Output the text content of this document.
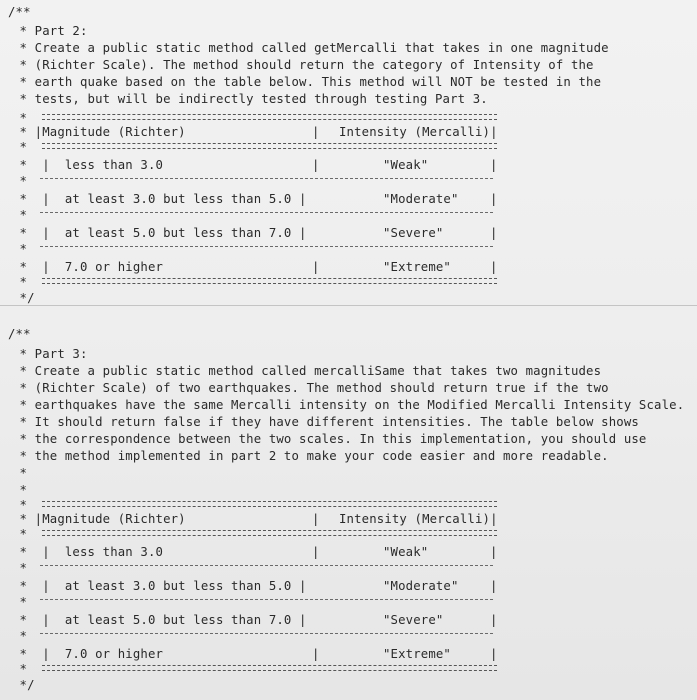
/**
* Part 2:
* Create a public static method called getMercalli that takes in one magnitude
* (Richter Scale). The method should return the category of Intensity of the
* earth quake based on the table below. This method will NOT be tested in the
* tests, but will be indirectly tested through testing Part 3.
*
* |Magnitude (Richter)	| Intensity (Mercalli)|
*
*  |  less than 3.0	|	"Weak"	|
*
*  |  at least 3.0 but less than 5.0 |	"Moderate"	|
*
*  |  at least 5.0 but less than 7.0 |	"Severe"	|
*
*  |  7.0 or higher	|	"Extreme"	|
*
*/
/**
* Part 3:
* Create a public static method called mercalliSame that takes two magnitudes
* (Richter Scale) of two earthquakes. The method should return true if the two
* earthquakes have the same Mercalli intensity on the Modified Mercalli Intensity Scale.
* It should return false if they have different intensities. The table below shows
* the correspondence between the two scales. In this implementation, you should use
* the method implemented in part 2 to make your code easier and more readable.
*
*
*
* |Magnitude (Richter)	| Intensity (Mercalli)|
*
*  |  less than 3.0	|	"Weak"	|
*
*  |  at least 3.0 but less than 5.0 |	"Moderate"	|
*
*  |  at least 5.0 but less than 7.0 |	"Severe"	|
*
*  |  7.0 or higher	|	"Extreme"	|
*
*/
